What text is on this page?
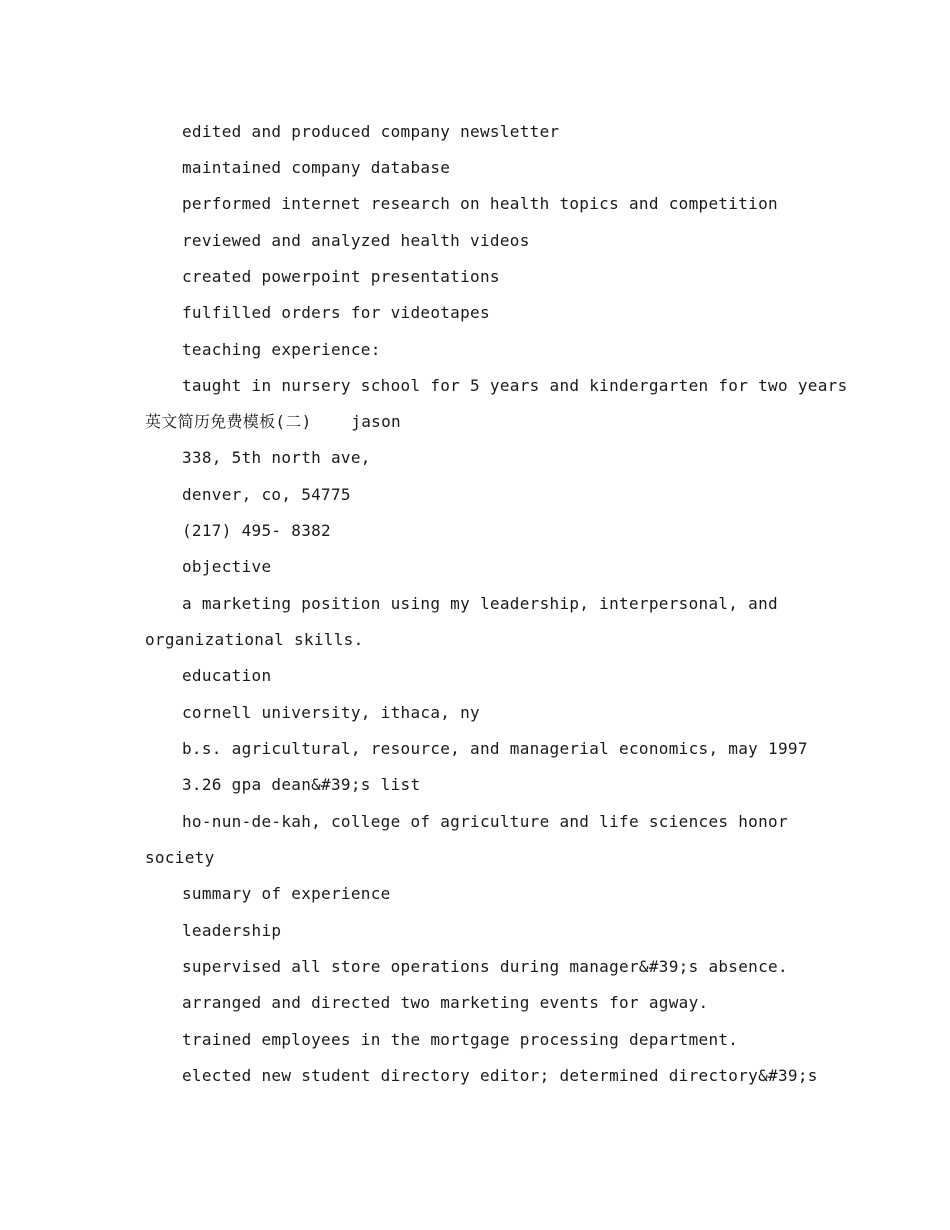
edited and produced company newsletter

maintained company database

performed internet research on health topics and competition

reviewed and analyzed health videos

created powerpoint presentations

fulfilled orders for videotapes

teaching experience:

taught in nursery school for 5 years and kindergarten for two years

英文简历免费模板(二)    jason

338, 5th north ave,

denver, co, 54775

(217) 495- 8382

objective

a marketing position using my leadership, interpersonal, and

organizational skills.

education

cornell university, ithaca, ny

b.s. agricultural, resource, and managerial economics, may 1997

3.26 gpa dean&#39;s list

ho-nun-de-kah, college of agriculture and life sciences honor

society

summary of experience

leadership

supervised all store operations during manager&#39;s absence.

arranged and directed two marketing events for agway.

trained employees in the mortgage processing department.

elected new student directory editor; determined directory&#39;s
